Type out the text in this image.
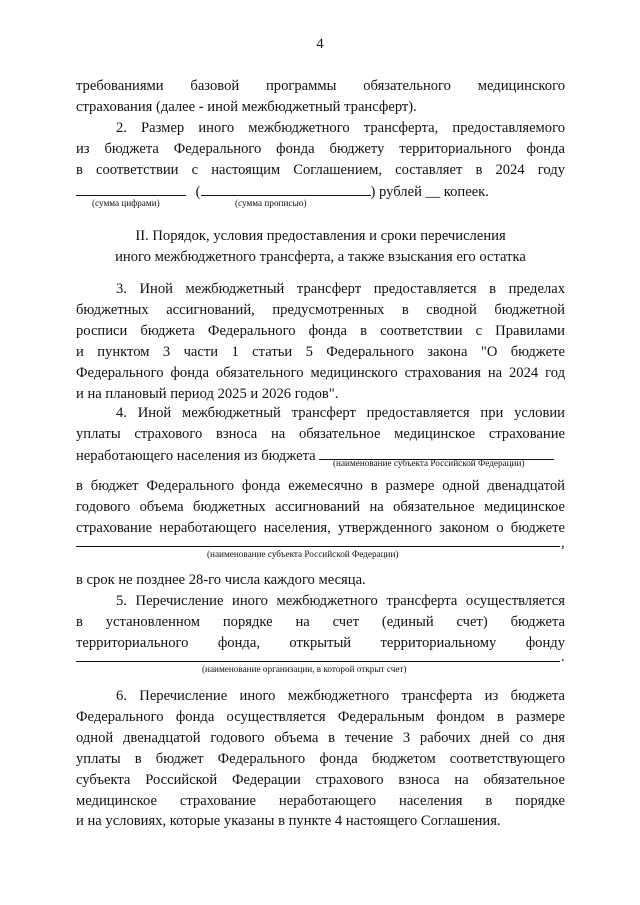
4
требованиями базовой программы обязательного медицинского
страхования (далее - иной межбюджетный трансферт).
2. Размер иного межбюджетного трансферта, предоставляемого
из бюджета Федерального фонда бюджету территориального фонда
в соответствии с настоящим Соглашением, составляет в 2024 году
(	) рублей __ копеек.
(сумма цифрами)	(сумма прописью)
II. Порядок, условия предоставления и сроки перечисления
иного межбюджетного трансферта, а также взыскания его остатка
3. Иной межбюджетный трансферт предоставляется в пределах
бюджетных ассигнований, предусмотренных в сводной бюджетной
росписи бюджета Федерального фонда в соответствии с Правилами
и пунктом 3 части 1 статьи 5 Федерального закона "О бюджете
Федерального фонда обязательного медицинского страхования на 2024 год
и на плановый период 2025 и 2026 годов".
4. Иной межбюджетный трансферт предоставляется при условии
уплаты страхового взноса на обязательное медицинское страхование
неработающего населения из бюджета	(наименование субъекта Российской Федерации)
в бюджет Федерального фонда ежемесячно в размере одной двенадцатой
годового объема бюджетных ассигнований на обязательное медицинское
страхование неработающего населения, утвержденного законом о бюджете
,
(наименование субъекта Российской Федерации)
в срок не позднее 28-го числа каждого месяца.
5. Перечисление иного межбюджетного трансферта осуществляется
в установленном порядке на счет (единый счет) бюджета
территориального фонда, открытый территориальному фонду
.
(наименование организации, в которой открыт счет)
6. Перечисление иного межбюджетного трансферта из бюджета
Федерального фонда осуществляется Федеральным фондом в размере
одной двенадцатой годового объема в течение 3 рабочих дней со дня
уплаты в бюджет Федерального фонда бюджетом соответствующего
субъекта Российской Федерации страхового взноса на обязательное
медицинское страхование неработающего населения в порядке
и на условиях, которые указаны в пункте 4 настоящего Соглашения.
